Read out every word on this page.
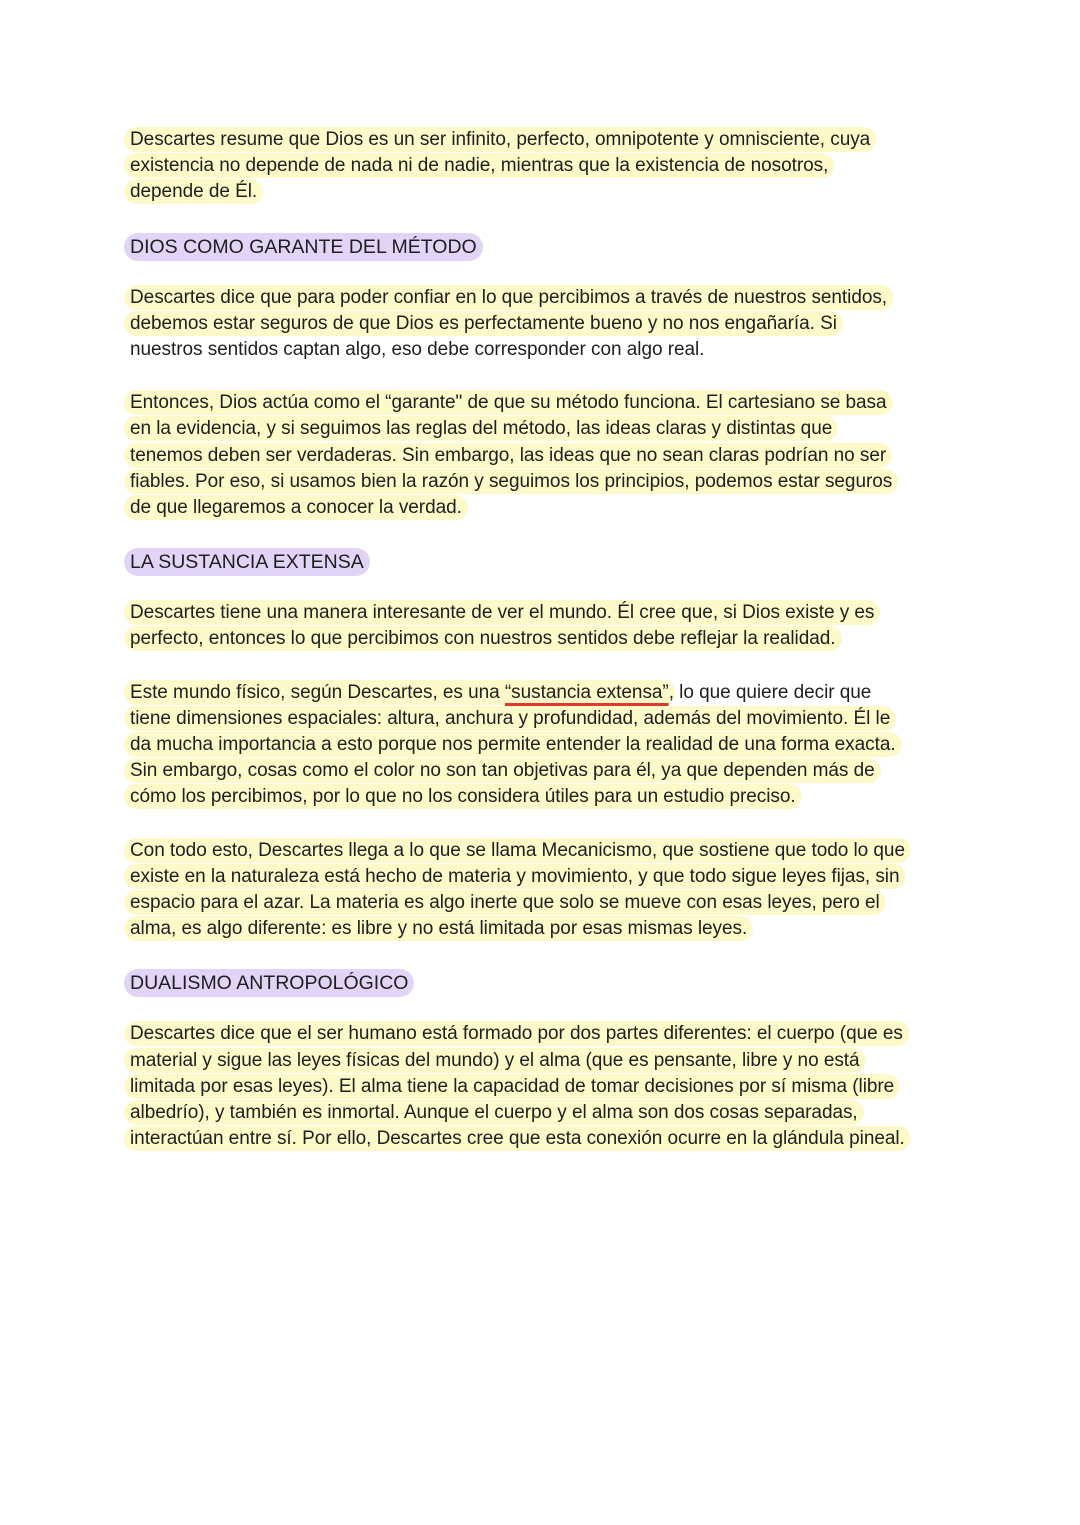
Descartes resume que Dios es un ser infinito, perfecto, omnipotente y omnisciente, cuya
existencia no depende de nada ni de nadie, mientras que la existencia de nosotros,
depende de Él.

DIOS COMO GARANTE DEL MÉTODO

Descartes dice que para poder confiar en lo que percibimos a través de nuestros sentidos,
debemos estar seguros de que Dios es perfectamente bueno y no nos engañaría. Si
nuestros sentidos captan algo, eso debe corresponder con algo real.

Entonces, Dios actúa como el “garante" de que su método funciona. El cartesiano se basa
en la evidencia, y si seguimos las reglas del método, las ideas claras y distintas que
tenemos deben ser verdaderas. Sin embargo, las ideas que no sean claras podrían no ser
fiables. Por eso, si usamos bien la razón y seguimos los principios, podemos estar seguros
de que llegaremos a conocer la verdad.

LA SUSTANCIA EXTENSA

Descartes tiene una manera interesante de ver el mundo. Él cree que, si Dios existe y es
perfecto, entonces lo que percibimos con nuestros sentidos debe reflejar la realidad.

Este mundo físico, según Descartes, es una “sustancia extensa”, lo que quiere decir que
tiene dimensiones espaciales: altura, anchura y profundidad, además del movimiento. Él le
da mucha importancia a esto porque nos permite entender la realidad de una forma exacta.
Sin embargo, cosas como el color no son tan objetivas para él, ya que dependen más de
cómo los percibimos, por lo que no los considera útiles para un estudio preciso.

Con todo esto, Descartes llega a lo que se llama Mecanicismo, que sostiene que todo lo que
existe en la naturaleza está hecho de materia y movimiento, y que todo sigue leyes fijas, sin
espacio para el azar. La materia es algo inerte que solo se mueve con esas leyes, pero el
alma, es algo diferente: es libre y no está limitada por esas mismas leyes.

DUALISMO ANTROPOLÓGICO

Descartes dice que el ser humano está formado por dos partes diferentes: el cuerpo (que es
material y sigue las leyes físicas del mundo) y el alma (que es pensante, libre y no está
limitada por esas leyes). El alma tiene la capacidad de tomar decisiones por sí misma (libre
albedrío), y también es inmortal. Aunque el cuerpo y el alma son dos cosas separadas,
interactúan entre sí. Por ello, Descartes cree que esta conexión ocurre en la glándula pineal.
